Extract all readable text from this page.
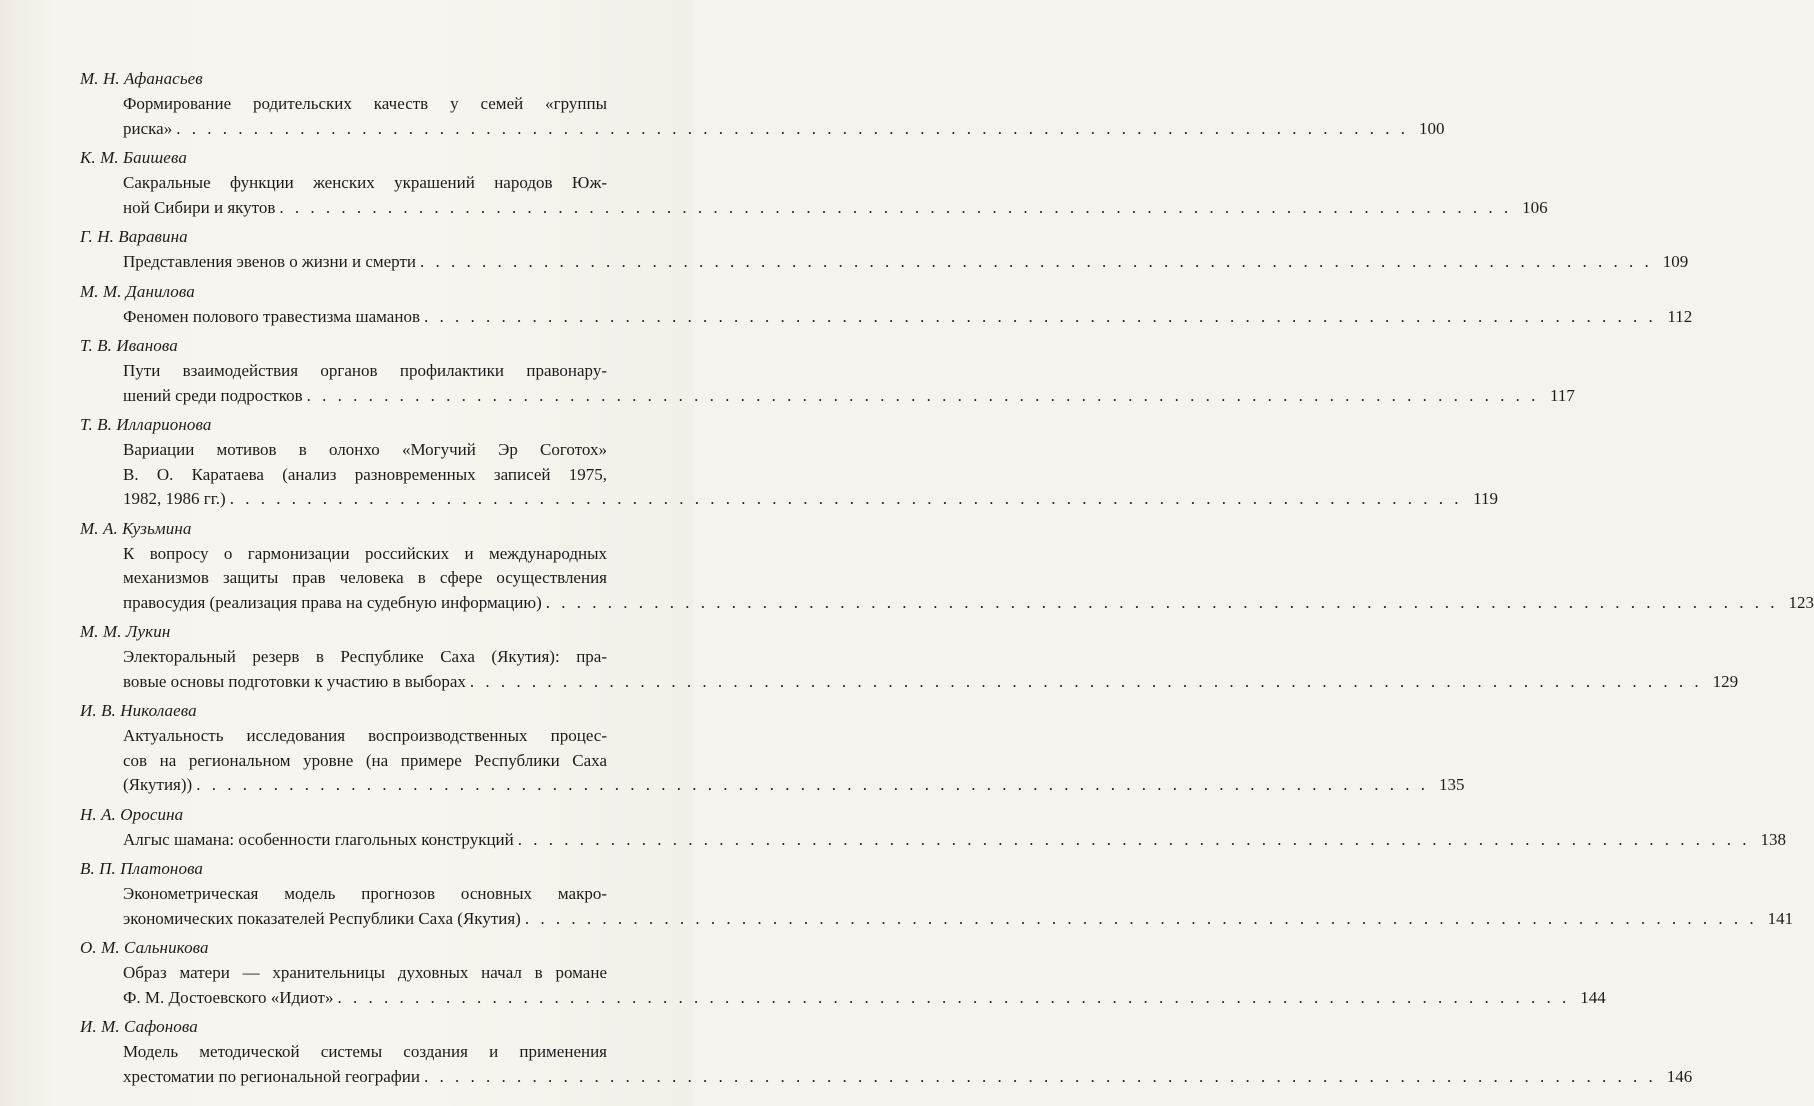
М. Н. Афанасьев
Формирование родительских качеств у семей «группы
риска» . . . . . . . . . . . . . . . . . . . . . . . . . . . . . . . . . . . . . . . . . . . . . . . . . . . . . . . . . . . . . . . . . . . . . . . . . . . . . . . . 100
К. М. Баишева
Сакральные функции женских украшений народов Юж-
ной Сибири и якутов . . . . . . . . . . . . . . . . . . . . . . . . . . . . . . . . . . . . . . . . . . . . . . . . . . . . . . . . . . . . . . . . . . . . . . . . . . . . . . . . 106
Г. Н. Варавина
Представления эвенов о жизни и смерти . . . . . . . . . . . . . . . . . . . . . . . . . . . . . . . . . . . . . . . . . . . . . . . . . . . . . . . . . . . . . . . . . . . . . . . . . . . . . . . . 109
М. М. Данилова
Феномен полового травестизма шаманов . . . . . . . . . . . . . . . . . . . . . . . . . . . . . . . . . . . . . . . . . . . . . . . . . . . . . . . . . . . . . . . . . . . . . . . . . . . . . . . . 112
Т. В. Иванова
Пути взаимодействия органов профилактики правонару-
шений среди подростков . . . . . . . . . . . . . . . . . . . . . . . . . . . . . . . . . . . . . . . . . . . . . . . . . . . . . . . . . . . . . . . . . . . . . . . . . . . . . . . . 117
Т. В. Илларионова
Вариации мотивов в олонхо «Могучий Эр Соготох»
В. О. Каратаева (анализ разновременных записей 1975,
1982, 1986 гг.) . . . . . . . . . . . . . . . . . . . . . . . . . . . . . . . . . . . . . . . . . . . . . . . . . . . . . . . . . . . . . . . . . . . . . . . . . . . . . . . . 119
М. А. Кузьмина
К вопросу о гармонизации российских и международных
механизмов защиты прав человека в сфере осуществления
правосудия (реализация права на судебную информацию) . . . . . . . . . . . . . . . . . . . . . . . . . . . . . . . . . . . . . . . . . . . . . . . . . . . . . . . . . . . . . . . . . . . . . . . . . . . . . . . . 123
М. М. Лукин
Электоральный резерв в Республике Саха (Якутия): пра-
вовые основы подготовки к участию в выборах . . . . . . . . . . . . . . . . . . . . . . . . . . . . . . . . . . . . . . . . . . . . . . . . . . . . . . . . . . . . . . . . . . . . . . . . . . . . . . . . 129
И. В. Николаева
Актуальность исследования воспроизводственных процес-
сов на региональном уровне (на примере Республики Саха
(Якутия)) . . . . . . . . . . . . . . . . . . . . . . . . . . . . . . . . . . . . . . . . . . . . . . . . . . . . . . . . . . . . . . . . . . . . . . . . . . . . . . . . 135
Н. А. Оросина
Алгыс шамана: особенности глагольных конструкций . . . . . . . . . . . . . . . . . . . . . . . . . . . . . . . . . . . . . . . . . . . . . . . . . . . . . . . . . . . . . . . . . . . . . . . . . . . . . . . . 138
В. П. Платонова
Эконометрическая модель прогнозов основных макро-
экономических показателей Республики Саха (Якутия) . . . . . . . . . . . . . . . . . . . . . . . . . . . . . . . . . . . . . . . . . . . . . . . . . . . . . . . . . . . . . . . . . . . . . . . . . . . . . . . . 141
О. М. Сальникова
Образ матери — хранительницы духовных начал в романе
Ф. М. Достоевского «Идиот» . . . . . . . . . . . . . . . . . . . . . . . . . . . . . . . . . . . . . . . . . . . . . . . . . . . . . . . . . . . . . . . . . . . . . . . . . . . . . . . . 144
И. М. Сафонова
Модель методической системы создания и применения
хрестоматии по региональной географии . . . . . . . . . . . . . . . . . . . . . . . . . . . . . . . . . . . . . . . . . . . . . . . . . . . . . . . . . . . . . . . . . . . . . . . . . . . . . . . . 146
